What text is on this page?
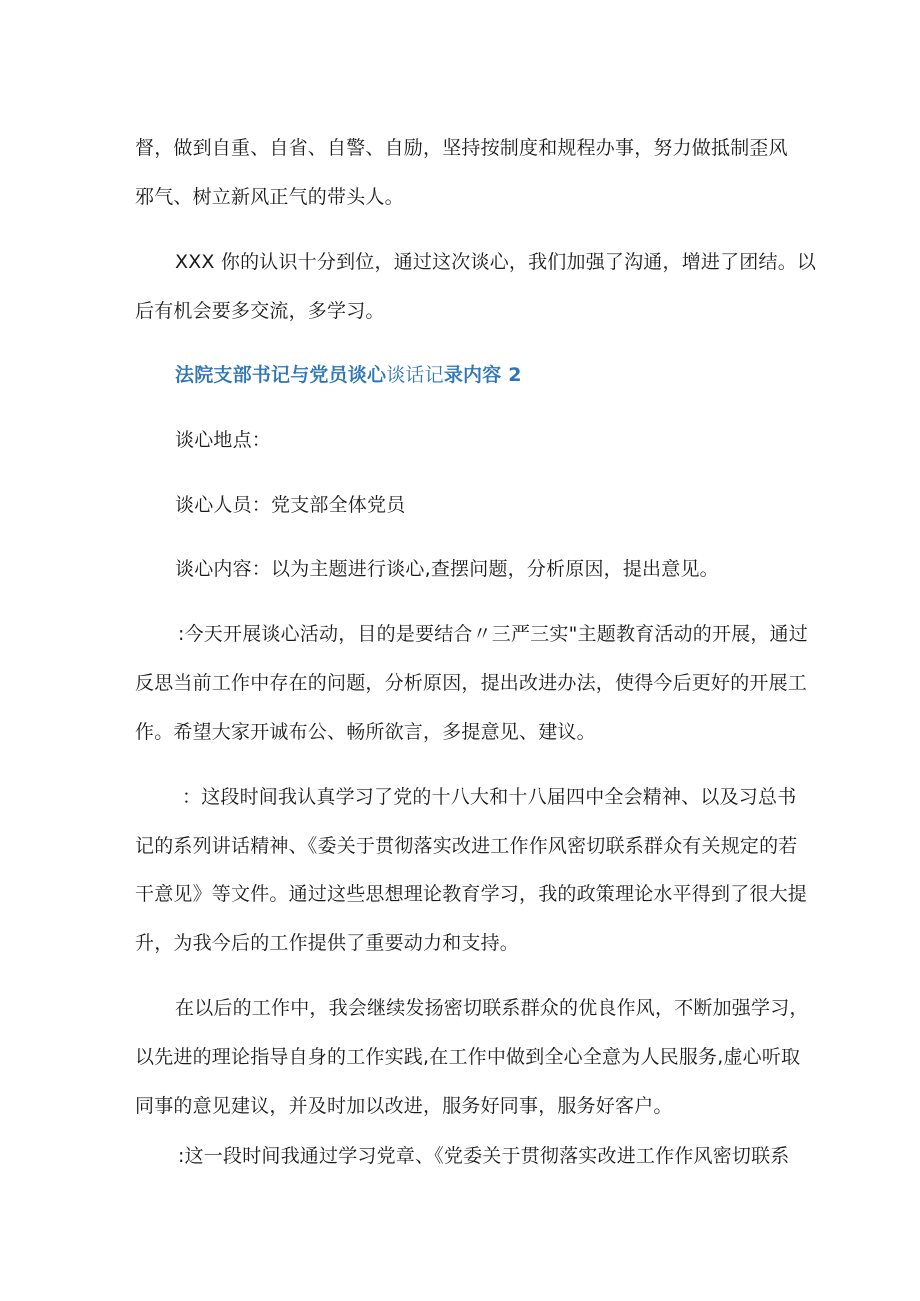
督，做到自重、自省、自警、自励，坚持按制度和规程办事，努力做抵制歪风
邪气、树立新风正气的带头人。
XXX 你的认识十分到位，通过这次谈心，我们加强了沟通，增进了团结。以
后有机会要多交流，多学习。
法院支部书记与党员谈心谈话记录内容 2
谈心地点：
谈心人员：党支部全体党员
谈心内容：以为主题进行谈心,查摆问题，分析原因，提出意见。
:今天开展谈心活动，目的是要结合〃三严三实"主题教育活动的开展，通过
反思当前工作中存在的问题，分析原因，提出改进办法，使得今后更好的开展工
作。希望大家开诚布公、畅所欲言，多提意见、建议。
：这段时间我认真学习了党的十八大和十八届四中全会精神、以及习总书
记的系列讲话精神、《委关于贯彻落实改进工作作风密切联系群众有关规定的若
干意见》等文件。通过这些思想理论教育学习，我的政策理论水平得到了很大提
升，为我今后的工作提供了重要动力和支持。
在以后的工作中，我会继续发扬密切联系群众的优良作风，不断加强学习，
以先进的理论指导自身的工作实践,在工作中做到全心全意为人民服务,虚心听取
同事的意见建议，并及时加以改进，服务好同事，服务好客户。
:这一段时间我通过学习党章、《党委关于贯彻落实改进工作作风密切联系
